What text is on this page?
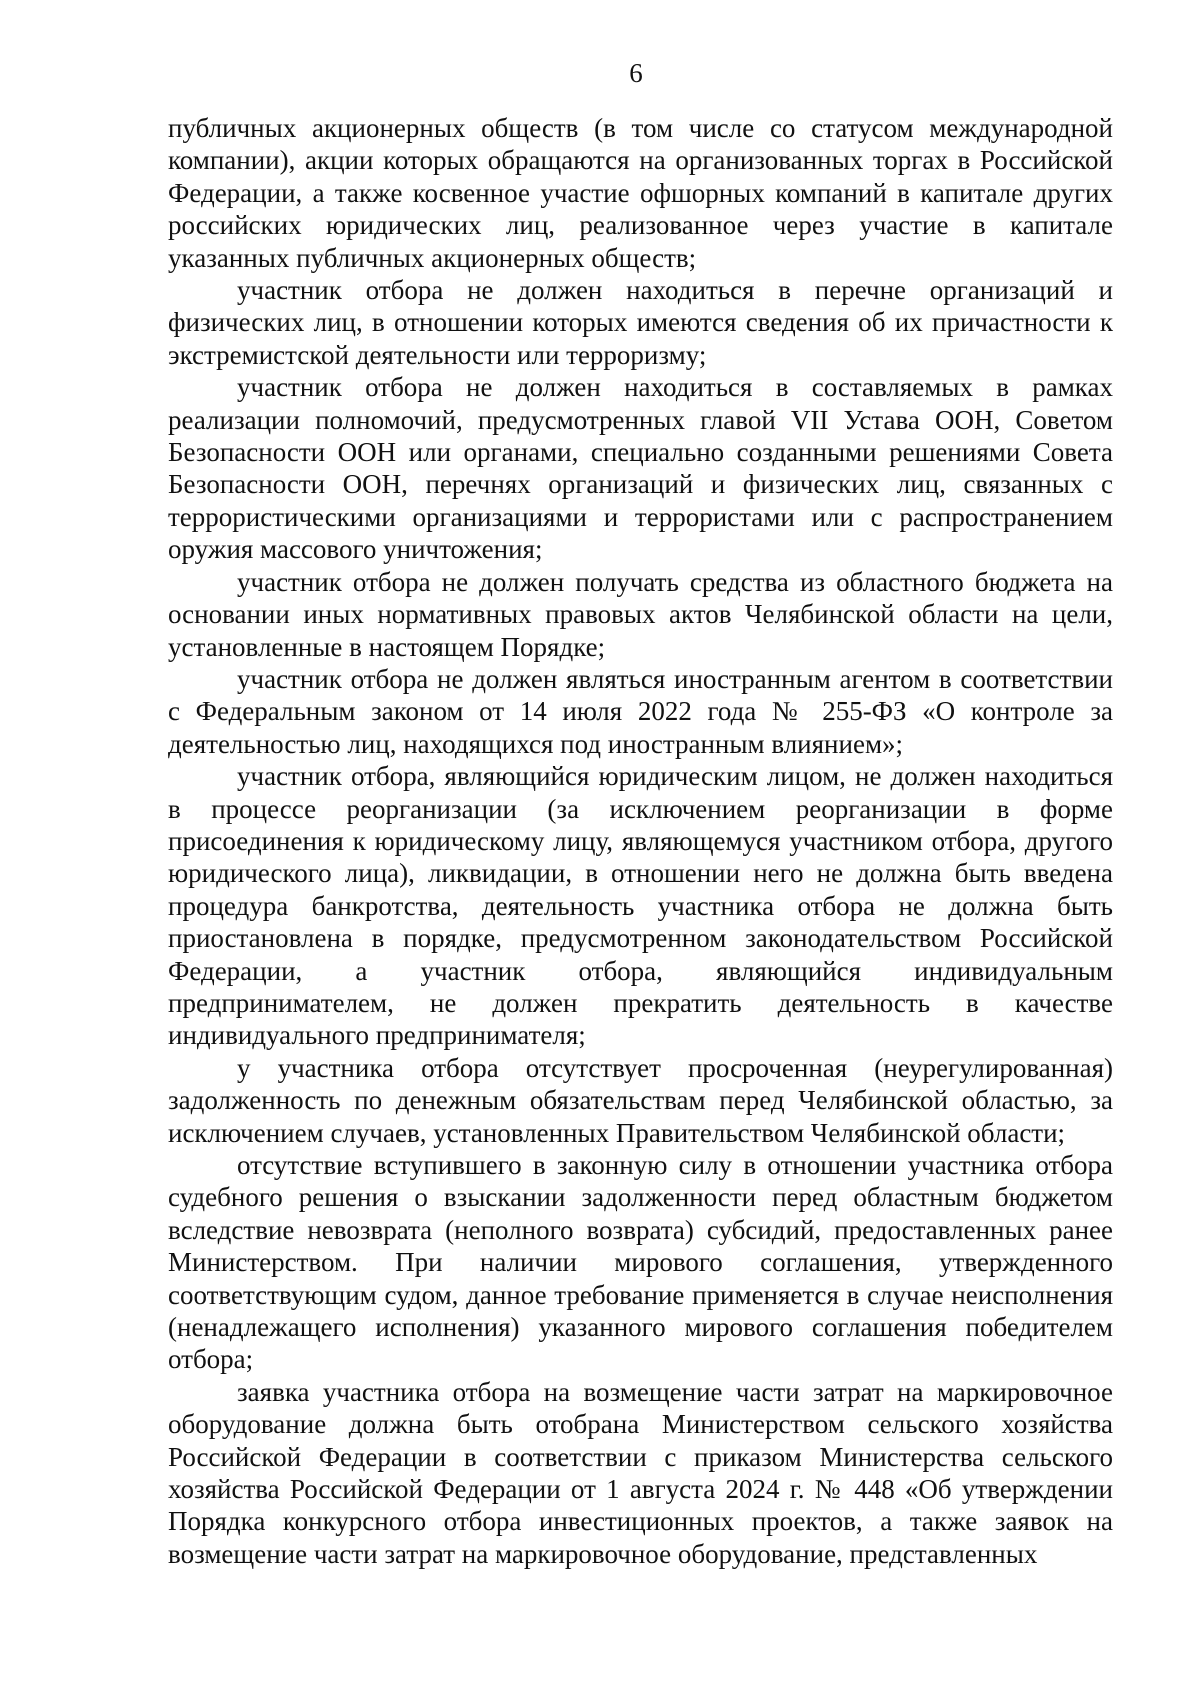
6

публичных акционерных обществ (в том числе со статусом международной компании), акции которых обращаются на организованных торгах в Российской Федерации, а также косвенное участие офшорных компаний в капитале других российских юридических лиц, реализованное через участие в капитале указанных публичных акционерных обществ;

участник отбора не должен находиться в перечне организаций и физических лиц, в отношении которых имеются сведения об их причастности к экстремистской деятельности или терроризму;

участник отбора не должен находиться в составляемых в рамках реализации полномочий, предусмотренных главой VII Устава ООН, Советом Безопасности ООН или органами, специально созданными решениями Совета Безопасности ООН, перечнях организаций и физических лиц, связанных с террористическими организациями и террористами или с распространением оружия массового уничтожения;

участник отбора не должен получать средства из областного бюджета на основании иных нормативных правовых актов Челябинской области на цели, установленные в настоящем Порядке;

участник отбора не должен являться иностранным агентом в соответствии с Федеральным законом от 14 июля 2022 года № 255-ФЗ «О контроле за деятельностью лиц, находящихся под иностранным влиянием»;

участник отбора, являющийся юридическим лицом, не должен находиться в процессе реорганизации (за исключением реорганизации в форме присоединения к юридическому лицу, являющемуся участником отбора, другого юридического лица), ликвидации, в отношении него не должна быть введена процедура банкротства, деятельность участника отбора не должна быть приостановлена в порядке, предусмотренном законодательством Российской Федерации, а участник отбора, являющийся индивидуальным предпринимателем, не должен прекратить деятельность в качестве индивидуального предпринимателя;

у участника отбора отсутствует просроченная (неурегулированная) задолженность по денежным обязательствам перед Челябинской областью, за исключением случаев, установленных Правительством Челябинской области;

отсутствие вступившего в законную силу в отношении участника отбора судебного решения о взыскании задолженности перед областным бюджетом вследствие невозврата (неполного возврата) субсидий, предоставленных ранее Министерством. При наличии мирового соглашения, утвержденного соответствующим судом, данное требование применяется в случае неисполнения (ненадлежащего исполнения) указанного мирового соглашения победителем отбора;

заявка участника отбора на возмещение части затрат на маркировочное оборудование должна быть отобрана Министерством сельского хозяйства Российской Федерации в соответствии с приказом Министерства сельского хозяйства Российской Федерации от 1 августа 2024 г. № 448 «Об утверждении Порядка конкурсного отбора инвестиционных проектов, а также заявок на возмещение части затрат на маркировочное оборудование, представленных
